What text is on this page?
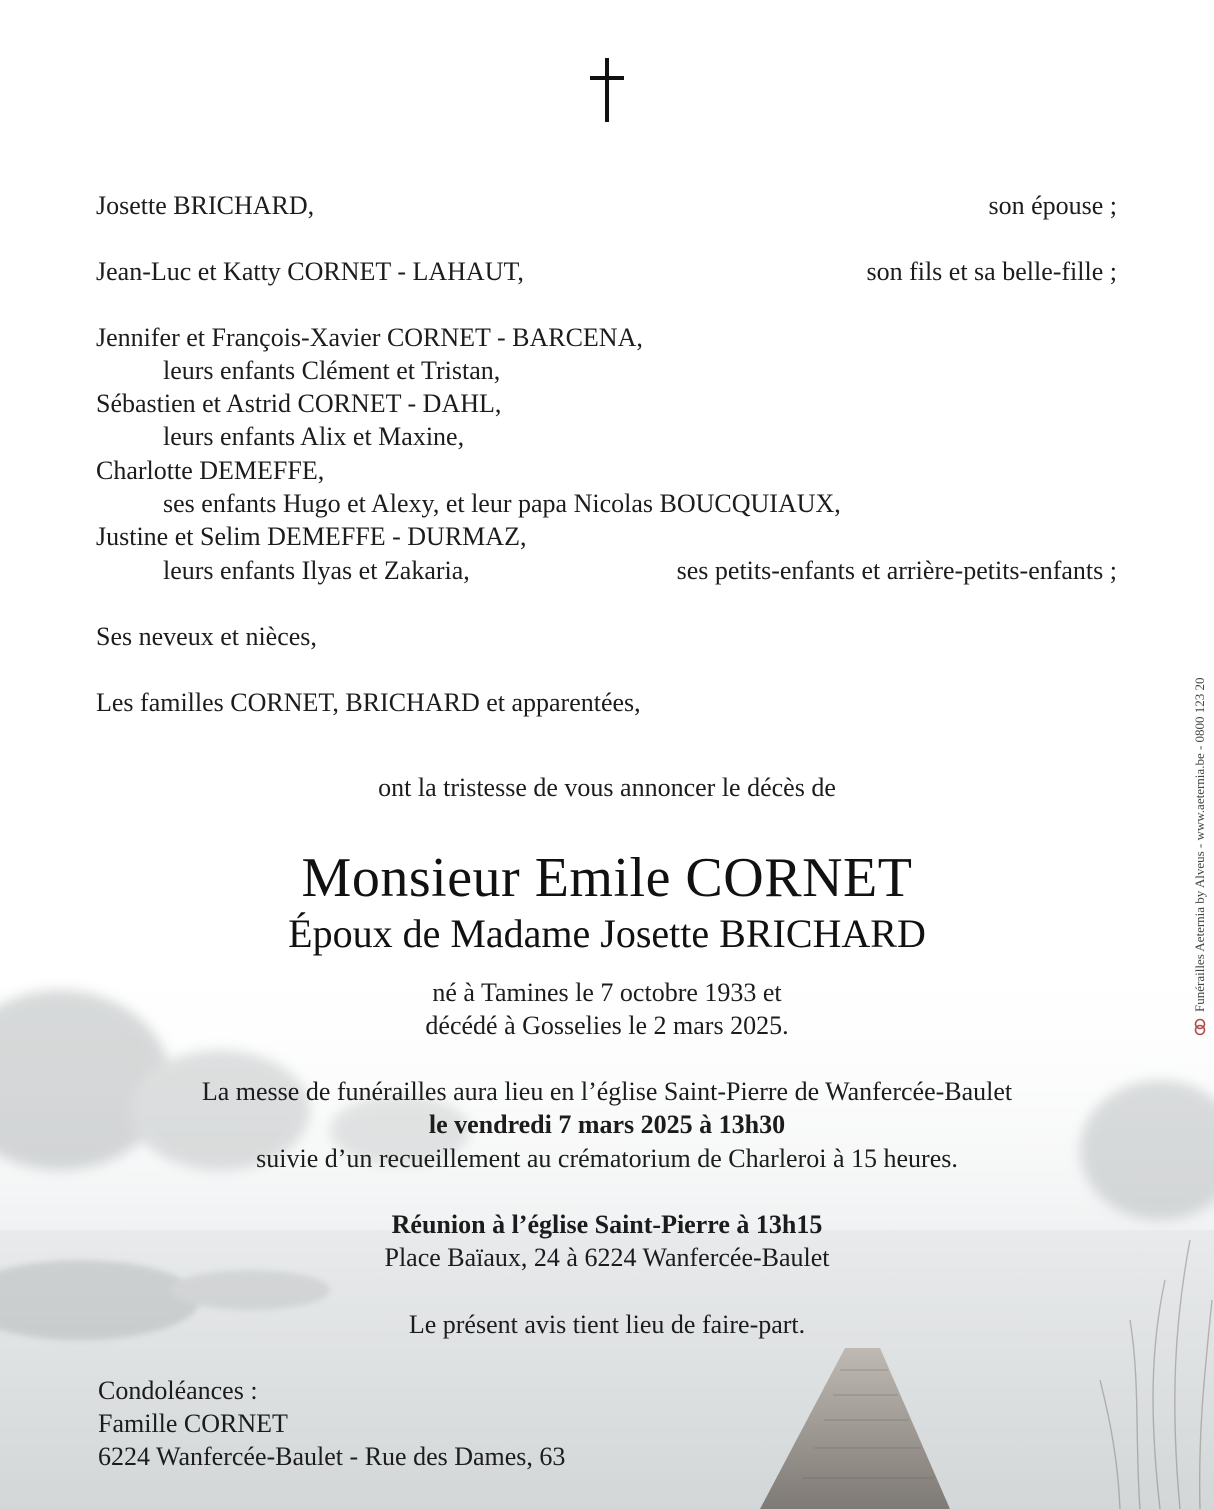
Josette BRICHARD,	son épouse ;
Jean-Luc et Katty CORNET - LAHAUT,	son fils et sa belle-fille ;
Jennifer et François-Xavier CORNET - BARCENA,
leurs enfants Clément et Tristan,
Sébastien et Astrid CORNET - DAHL,
leurs enfants Alix et Maxine,
Charlotte DEMEFFE,
ses enfants Hugo et Alexy, et leur papa Nicolas BOUCQUIAUX,
Justine et Selim DEMEFFE - DURMAZ,
leurs enfants Ilyas et Zakaria,	ses petits-enfants et arrière-petits-enfants ;
Ses neveux et nièces,
Les familles CORNET, BRICHARD et apparentées,
ont la tristesse de vous annoncer le décès de
Monsieur Emile CORNET
Époux de Madame Josette BRICHARD
né à Tamines le 7 octobre 1933 et
décédé à Gosselies le 2 mars 2025.
La messe de funérailles aura lieu en l’église Saint-Pierre de Wanfercée-Baulet
le vendredi 7 mars 2025 à 13h30
suivie d’un recueillement au crématorium de Charleroi à 15 heures.
Réunion à l’église Saint-Pierre à 13h15
Place Baïaux, 24 à 6224 Wanfercée-Baulet
Le présent avis tient lieu de faire-part.
Condoléances :
Famille CORNET
6224 Wanfercée-Baulet - Rue des Dames, 63
Funérailles Aeternia by Alveus - www.aeternia.be - 0800 123 20
